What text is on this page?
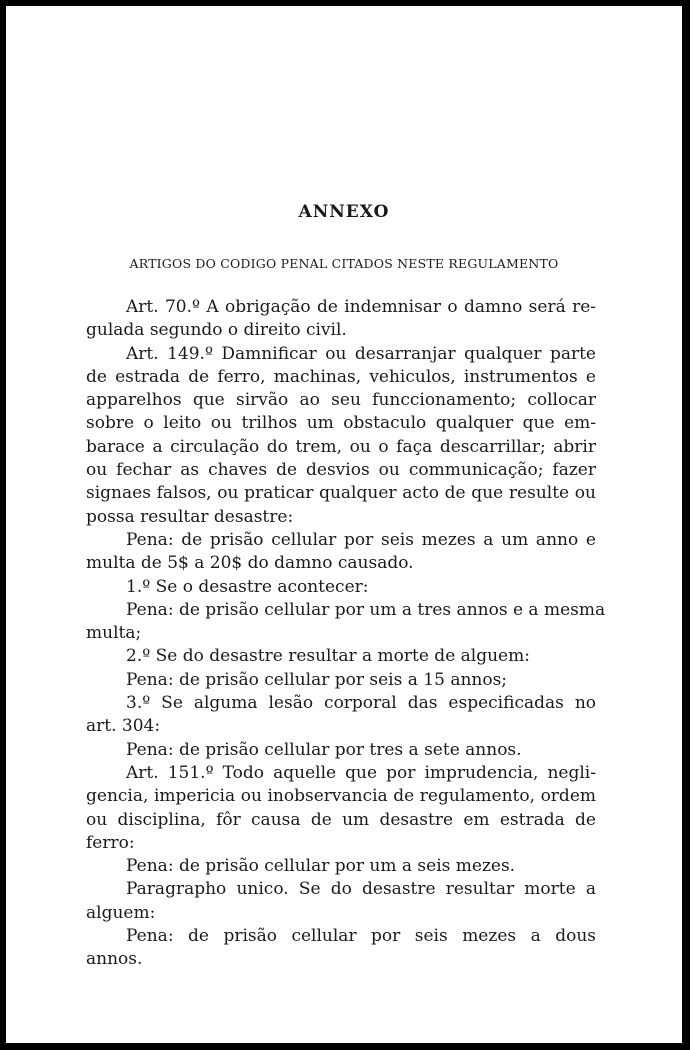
ANNEXO
ARTIGOS DO CODIGO PENAL CITADOS NESTE REGULAMENTO
Art. 70.º A obrigação de indemnisar o damno será re-
gulada segundo o direito civil.
Art. 149.º Damnificar ou desarranjar qualquer parte
de estrada de ferro, machinas, vehiculos, instrumentos e
apparelhos que sirvão ao seu funccionamento; collocar
sobre o leito ou trilhos um obstaculo qualquer que em-
barace a circulação do trem, ou o faça descarrillar; abrir
ou fechar as chaves de desvios ou communicação; fazer
signaes falsos, ou praticar qualquer acto de que resulte ou
possa resultar desastre:
Pena: de prisão cellular por seis mezes a um anno e
multa de 5$ a 20$ do damno causado.
1.º Se o desastre acontecer:
Pena: de prisão cellular por um a tres annos e a mesma
multa;
2.º Se do desastre resultar a morte de alguem:
Pena: de prisão cellular por seis a 15 annos;
3.º Se alguma lesão corporal das especificadas no
art. 304:
Pena: de prisão cellular por tres a sete annos.
Art. 151.º Todo aquelle que por imprudencia, negli-
gencia, impericia ou inobservancia de regulamento, ordem
ou disciplina, fôr causa de um desastre em estrada de
ferro:
Pena: de prisão cellular por um a seis mezes.
Paragrapho unico. Se do desastre resultar morte a
alguem:
Pena: de prisão cellular por seis mezes a dous
annos.
